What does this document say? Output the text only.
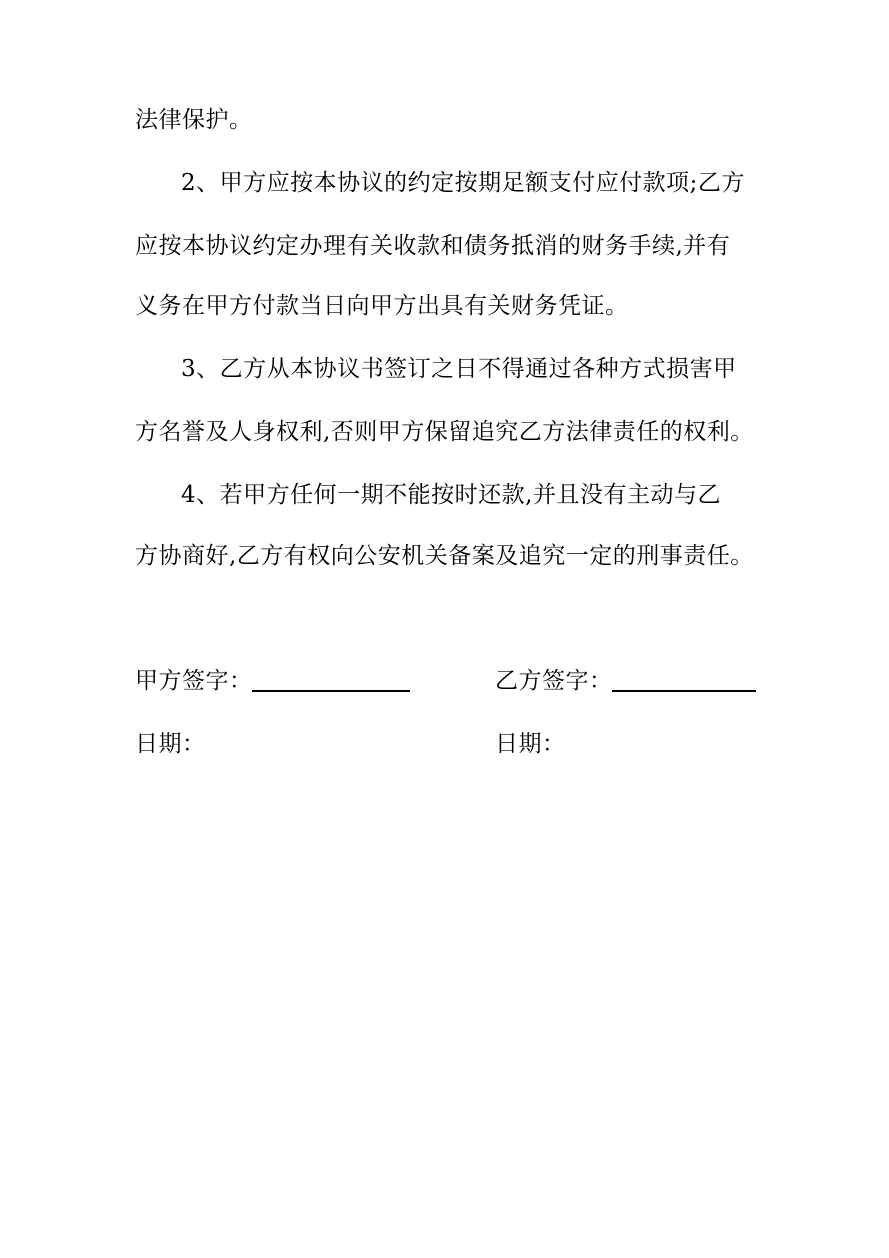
法律保护。
2、甲方应按本协议的约定按期足额支付应付款项;乙方
应按本协议约定办理有关收款和债务抵消的财务手续,并有
义务在甲方付款当日向甲方出具有关财务凭证。
3、乙方从本协议书签订之日不得通过各种方式损害甲
方名誉及人身权利,否则甲方保留追究乙方法律责任的权利。
4、若甲方任何一期不能按时还款,并且没有主动与乙
方协商好,乙方有权向公安机关备案及追究一定的刑事责任。
甲方签字：	乙方签字：
日期：	日期：
